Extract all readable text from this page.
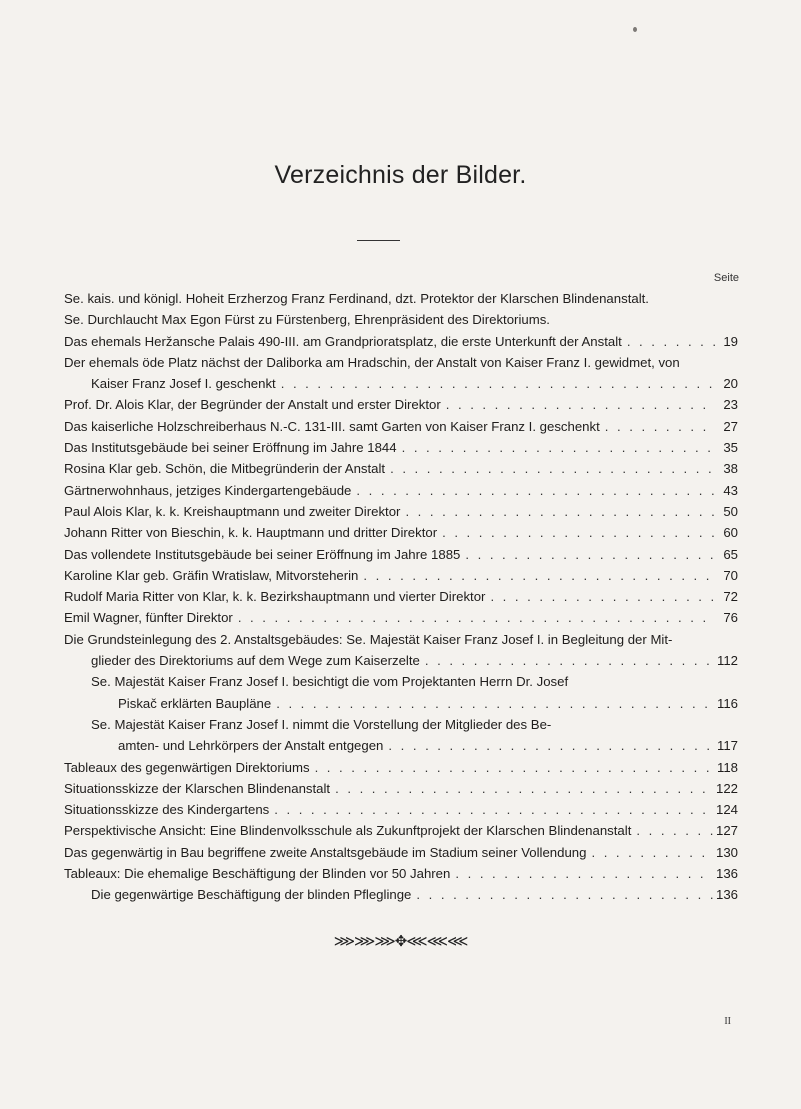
Verzeichnis der Bilder.
Seite
Se. kais. und königl. Hoheit Erzherzog Franz Ferdinand, dzt. Protektor der Klarschen Blindenanstalt.
Se. Durchlaucht Max Egon Fürst zu Fürstenberg, Ehrenpräsident des Direktoriums.
Das ehemals Heržansche Palais 490-III. am Grandprioratsplatz, die erste Unterkunft der Anstalt . . .	19
Der ehemals öde Platz nächst der Daliborka am Hradschin, der Anstalt von Kaiser Franz I. gewidmet, von
Kaiser Franz Josef I. geschenkt . . .	20
Prof. Dr. Alois Klar, der Begründer der Anstalt und erster Direktor . . .	23
Das kaiserliche Holzschreiberhaus N.-C. 131-III. samt Garten von Kaiser Franz I. geschenkt . . .	27
Das Institutsgebäude bei seiner Eröffnung im Jahre 1844 . . .	35
Rosina Klar geb. Schön, die Mitbegründerin der Anstalt . . .	38
Gärtnerwohnhaus, jetziges Kindergartengebäude . . .	43
Paul Alois Klar, k. k. Kreishauptmann und zweiter Direktor . . .	50
Johann Ritter von Bieschin, k. k. Hauptmann und dritter Direktor . . .	60
Das vollendete Institutsgebäude bei seiner Eröffnung im Jahre 1885 . . .	65
Karoline Klar geb. Gräfin Wratislaw, Mitvorsteherin . . .	70
Rudolf Maria Ritter von Klar, k. k. Bezirkshauptmann und vierter Direktor . . .	72
Emil Wagner, fünfter Direktor . . .	76
Die Grundsteinlegung des 2. Anstaltsgebäudes: Se. Majestät Kaiser Franz Josef I. in Begleitung der Mit-
glieder des Direktoriums auf dem Wege zum Kaiserzelte . . .	112
Se. Majestät Kaiser Franz Josef I. besichtigt die vom Projektanten Herrn Dr. Josef
Piskač erklärten Baupläne . . .	116
Se. Majestät Kaiser Franz Josef I. nimmt die Vorstellung der Mitglieder des Be-
amten- und Lehrkörpers der Anstalt entgegen . . .	117
Tableaux des gegenwärtigen Direktoriums . . .	118
Situationsskizze der Klarschen Blindenanstalt . . .	122
Situationsskizze des Kindergartens . . .	124
Perspektivische Ansicht: Eine Blindenvolksschule als Zukunftprojekt der Klarschen Blindenanstalt . . .	127
Das gegenwärtig in Bau begriffene zweite Anstaltsgebäude im Stadium seiner Vollendung . . .	130
Tableaux: Die ehemalige Beschäftigung der Blinden vor 50 Jahren . . .	136
Die gegenwärtige Beschäftigung der blinden Pfleglinge . . .	136
⋙⋙⋙✥⋘⋘⋘
II
